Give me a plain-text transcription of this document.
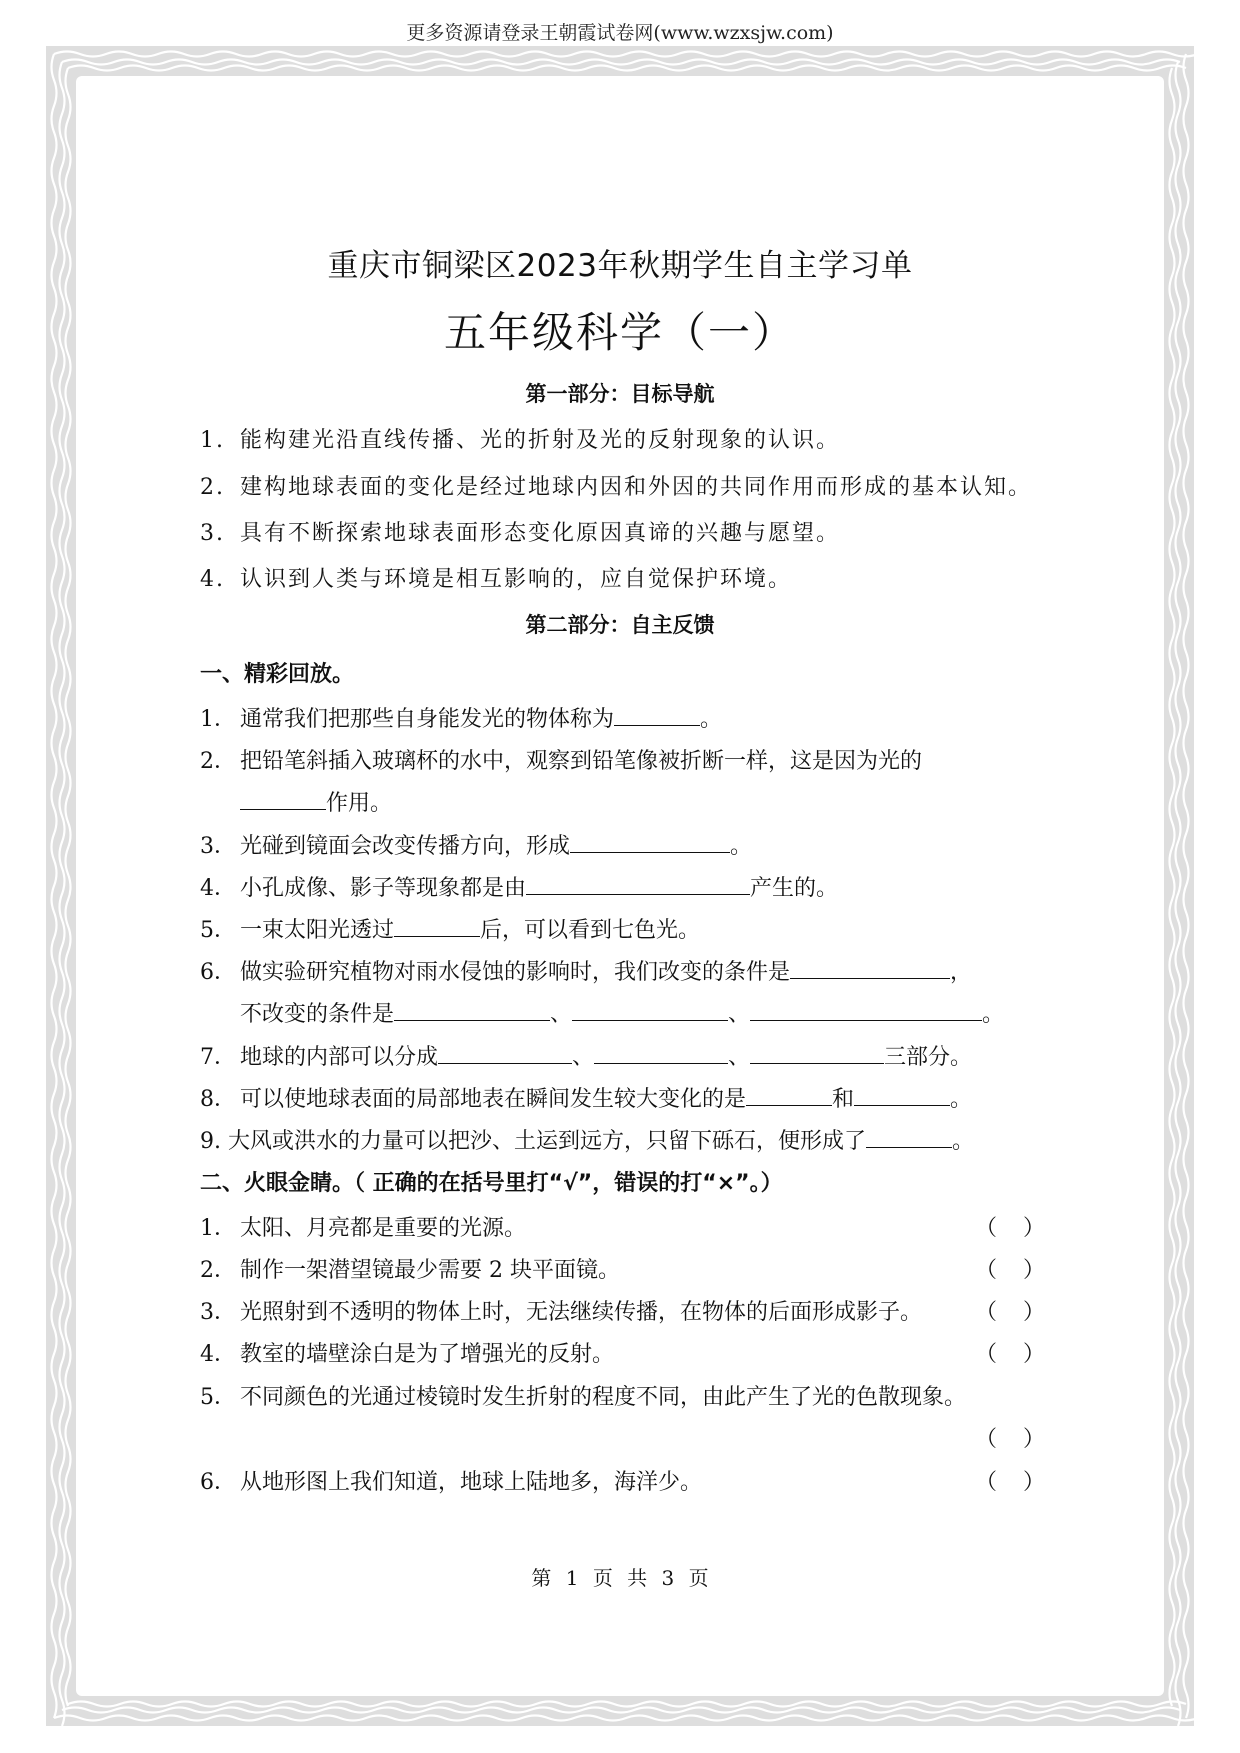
更多资源请登录王朝霞试卷网(www.wzxsjw.com)
重庆市铜梁区2023年秋期学生自主学习单
五年级科学（一）
第一部分：目标导航
1. 能构建光沿直线传播、光的折射及光的反射现象的认识。
2. 建构地球表面的变化是经过地球内因和外因的共同作用而形成的基本认知。
3. 具有不断探索地球表面形态变化原因真谛的兴趣与愿望。
4. 认识到人类与环境是相互影响的，应自觉保护环境。
第二部分：自主反馈
一、精彩回放。
1． 通常我们把那些自身能发光的物体称为	。
2． 把铅笔斜插入玻璃杯的水中，观察到铅笔像被折断一样，这是因为光的
作用。
3． 光碰到镜面会改变传播方向，形成	。
4． 小孔成像、影子等现象都是由	产生的。
5． 一束太阳光透过	后，可以看到七色光。
6． 做实验研究植物对雨水侵蚀的影响时，我们改变的条件是	，
不改变的条件是	、	、	。
7． 地球的内部可以分成	、	、	三部分。
8． 可以使地球表面的局部地表在瞬间发生较大变化的是	和	。
9. 大风或洪水的力量可以把沙、土运到远方，只留下砾石，便形成了	。
二、火眼金睛。（ 正确的在括号里打“√”，错误的打“×”。）
1． 太阳、月亮都是重要的光源。	（ ）
2． 制作一架潜望镜最少需要 2 块平面镜。	（ ）
3． 光照射到不透明的物体上时，无法继续传播，在物体的后面形成影子。 （ ）
4． 教室的墙壁涂白是为了增强光的反射。	（ ）
5． 不同颜色的光通过棱镜时发生折射的程度不同，由此产生了光的色散现象。
（ ）
6． 从地形图上我们知道，地球上陆地多，海洋少。	（ ）
第 1 页 共 3 页
